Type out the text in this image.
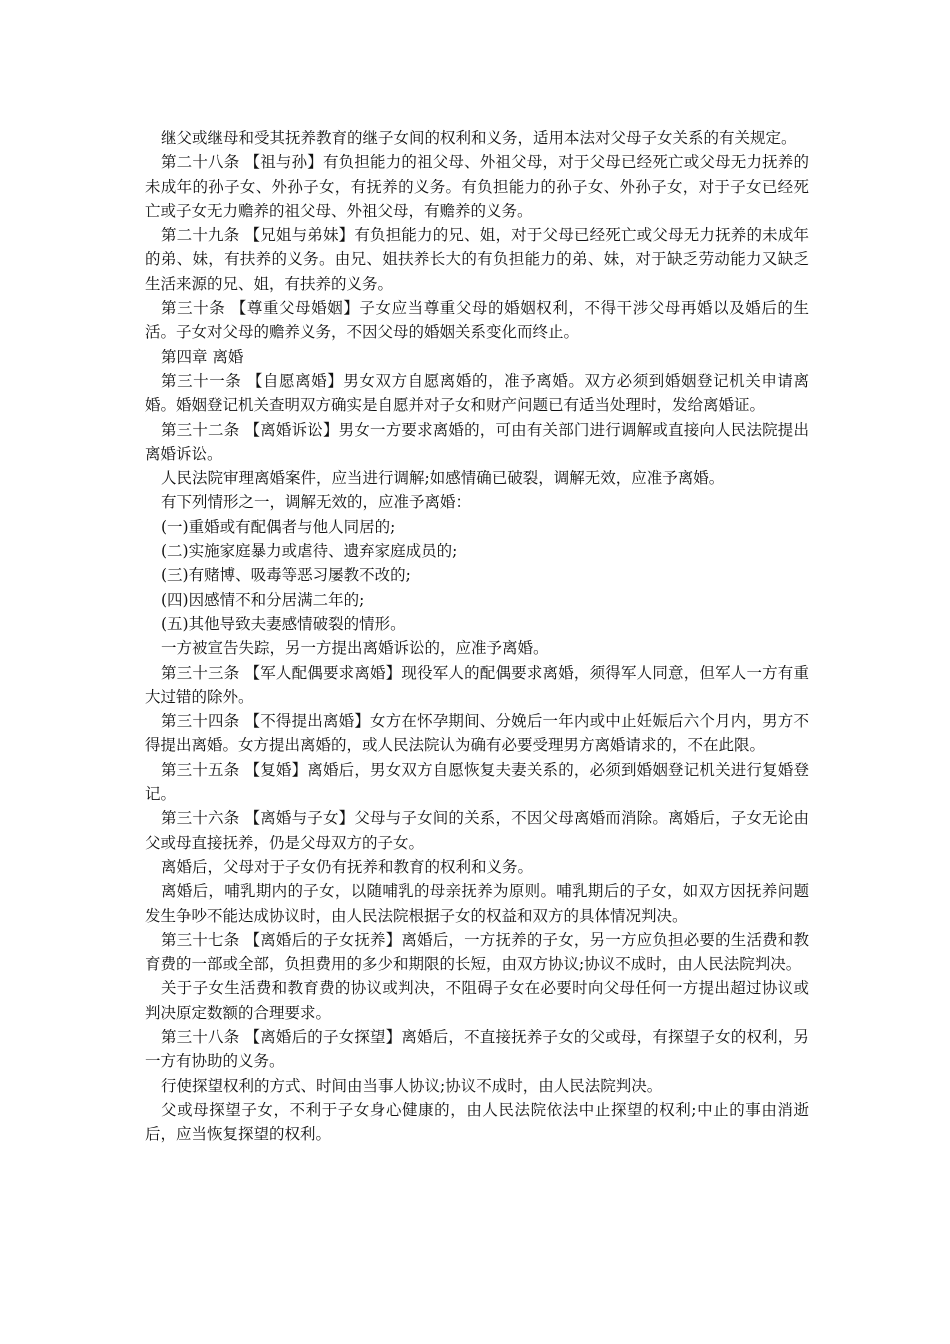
继父或继母和受其抚养教育的继子女间的权利和义务，适用本法对父母子女关系的有关规定。

第二十八条 【祖与孙】有负担能力的祖父母、外祖父母，对于父母已经死亡或父母无力抚养的未成年的孙子女、外孙子女，有抚养的义务。有负担能力的孙子女、外孙子女，对于子女已经死亡或子女无力赡养的祖父母、外祖父母，有赡养的义务。

第二十九条 【兄姐与弟妹】有负担能力的兄、姐，对于父母已经死亡或父母无力抚养的未成年的弟、妹，有扶养的义务。由兄、姐扶养长大的有负担能力的弟、妹，对于缺乏劳动能力又缺乏生活来源的兄、姐，有扶养的义务。

第三十条 【尊重父母婚姻】子女应当尊重父母的婚姻权利，不得干涉父母再婚以及婚后的生活。子女对父母的赡养义务，不因父母的婚姻关系变化而终止。

第四章 离婚

第三十一条 【自愿离婚】男女双方自愿离婚的，准予离婚。双方必须到婚姻登记机关申请离婚。婚姻登记机关查明双方确实是自愿并对子女和财产问题已有适当处理时，发给离婚证。

第三十二条 【离婚诉讼】男女一方要求离婚的，可由有关部门进行调解或直接向人民法院提出离婚诉讼。

人民法院审理离婚案件，应当进行调解;如感情确已破裂，调解无效，应准予离婚。

有下列情形之一，调解无效的，应准予离婚：

(一)重婚或有配偶者与他人同居的;

(二)实施家庭暴力或虐待、遗弃家庭成员的;

(三)有赌博、吸毒等恶习屡教不改的;

(四)因感情不和分居满二年的;

(五)其他导致夫妻感情破裂的情形。

一方被宣告失踪，另一方提出离婚诉讼的，应准予离婚。

第三十三条 【军人配偶要求离婚】现役军人的配偶要求离婚，须得军人同意，但军人一方有重大过错的除外。

第三十四条 【不得提出离婚】女方在怀孕期间、分娩后一年内或中止妊娠后六个月内，男方不得提出离婚。女方提出离婚的，或人民法院认为确有必要受理男方离婚请求的，不在此限。

第三十五条 【复婚】离婚后，男女双方自愿恢复夫妻关系的，必须到婚姻登记机关进行复婚登记。

第三十六条 【离婚与子女】父母与子女间的关系，不因父母离婚而消除。离婚后，子女无论由父或母直接抚养，仍是父母双方的子女。

离婚后，父母对于子女仍有抚养和教育的权利和义务。

离婚后，哺乳期内的子女，以随哺乳的母亲抚养为原则。哺乳期后的子女，如双方因抚养问题发生争吵不能达成协议时，由人民法院根据子女的权益和双方的具体情况判决。

第三十七条 【离婚后的子女抚养】离婚后，一方抚养的子女，另一方应负担必要的生活费和教育费的一部或全部，负担费用的多少和期限的长短，由双方协议;协议不成时，由人民法院判决。

关于子女生活费和教育费的协议或判决，不阻碍子女在必要时向父母任何一方提出超过协议或判决原定数额的合理要求。

第三十八条 【离婚后的子女探望】离婚后，不直接抚养子女的父或母，有探望子女的权利，另一方有协助的义务。

行使探望权利的方式、时间由当事人协议;协议不成时，由人民法院判决。

父或母探望子女，不利于子女身心健康的，由人民法院依法中止探望的权利;中止的事由消逝后，应当恢复探望的权利。
